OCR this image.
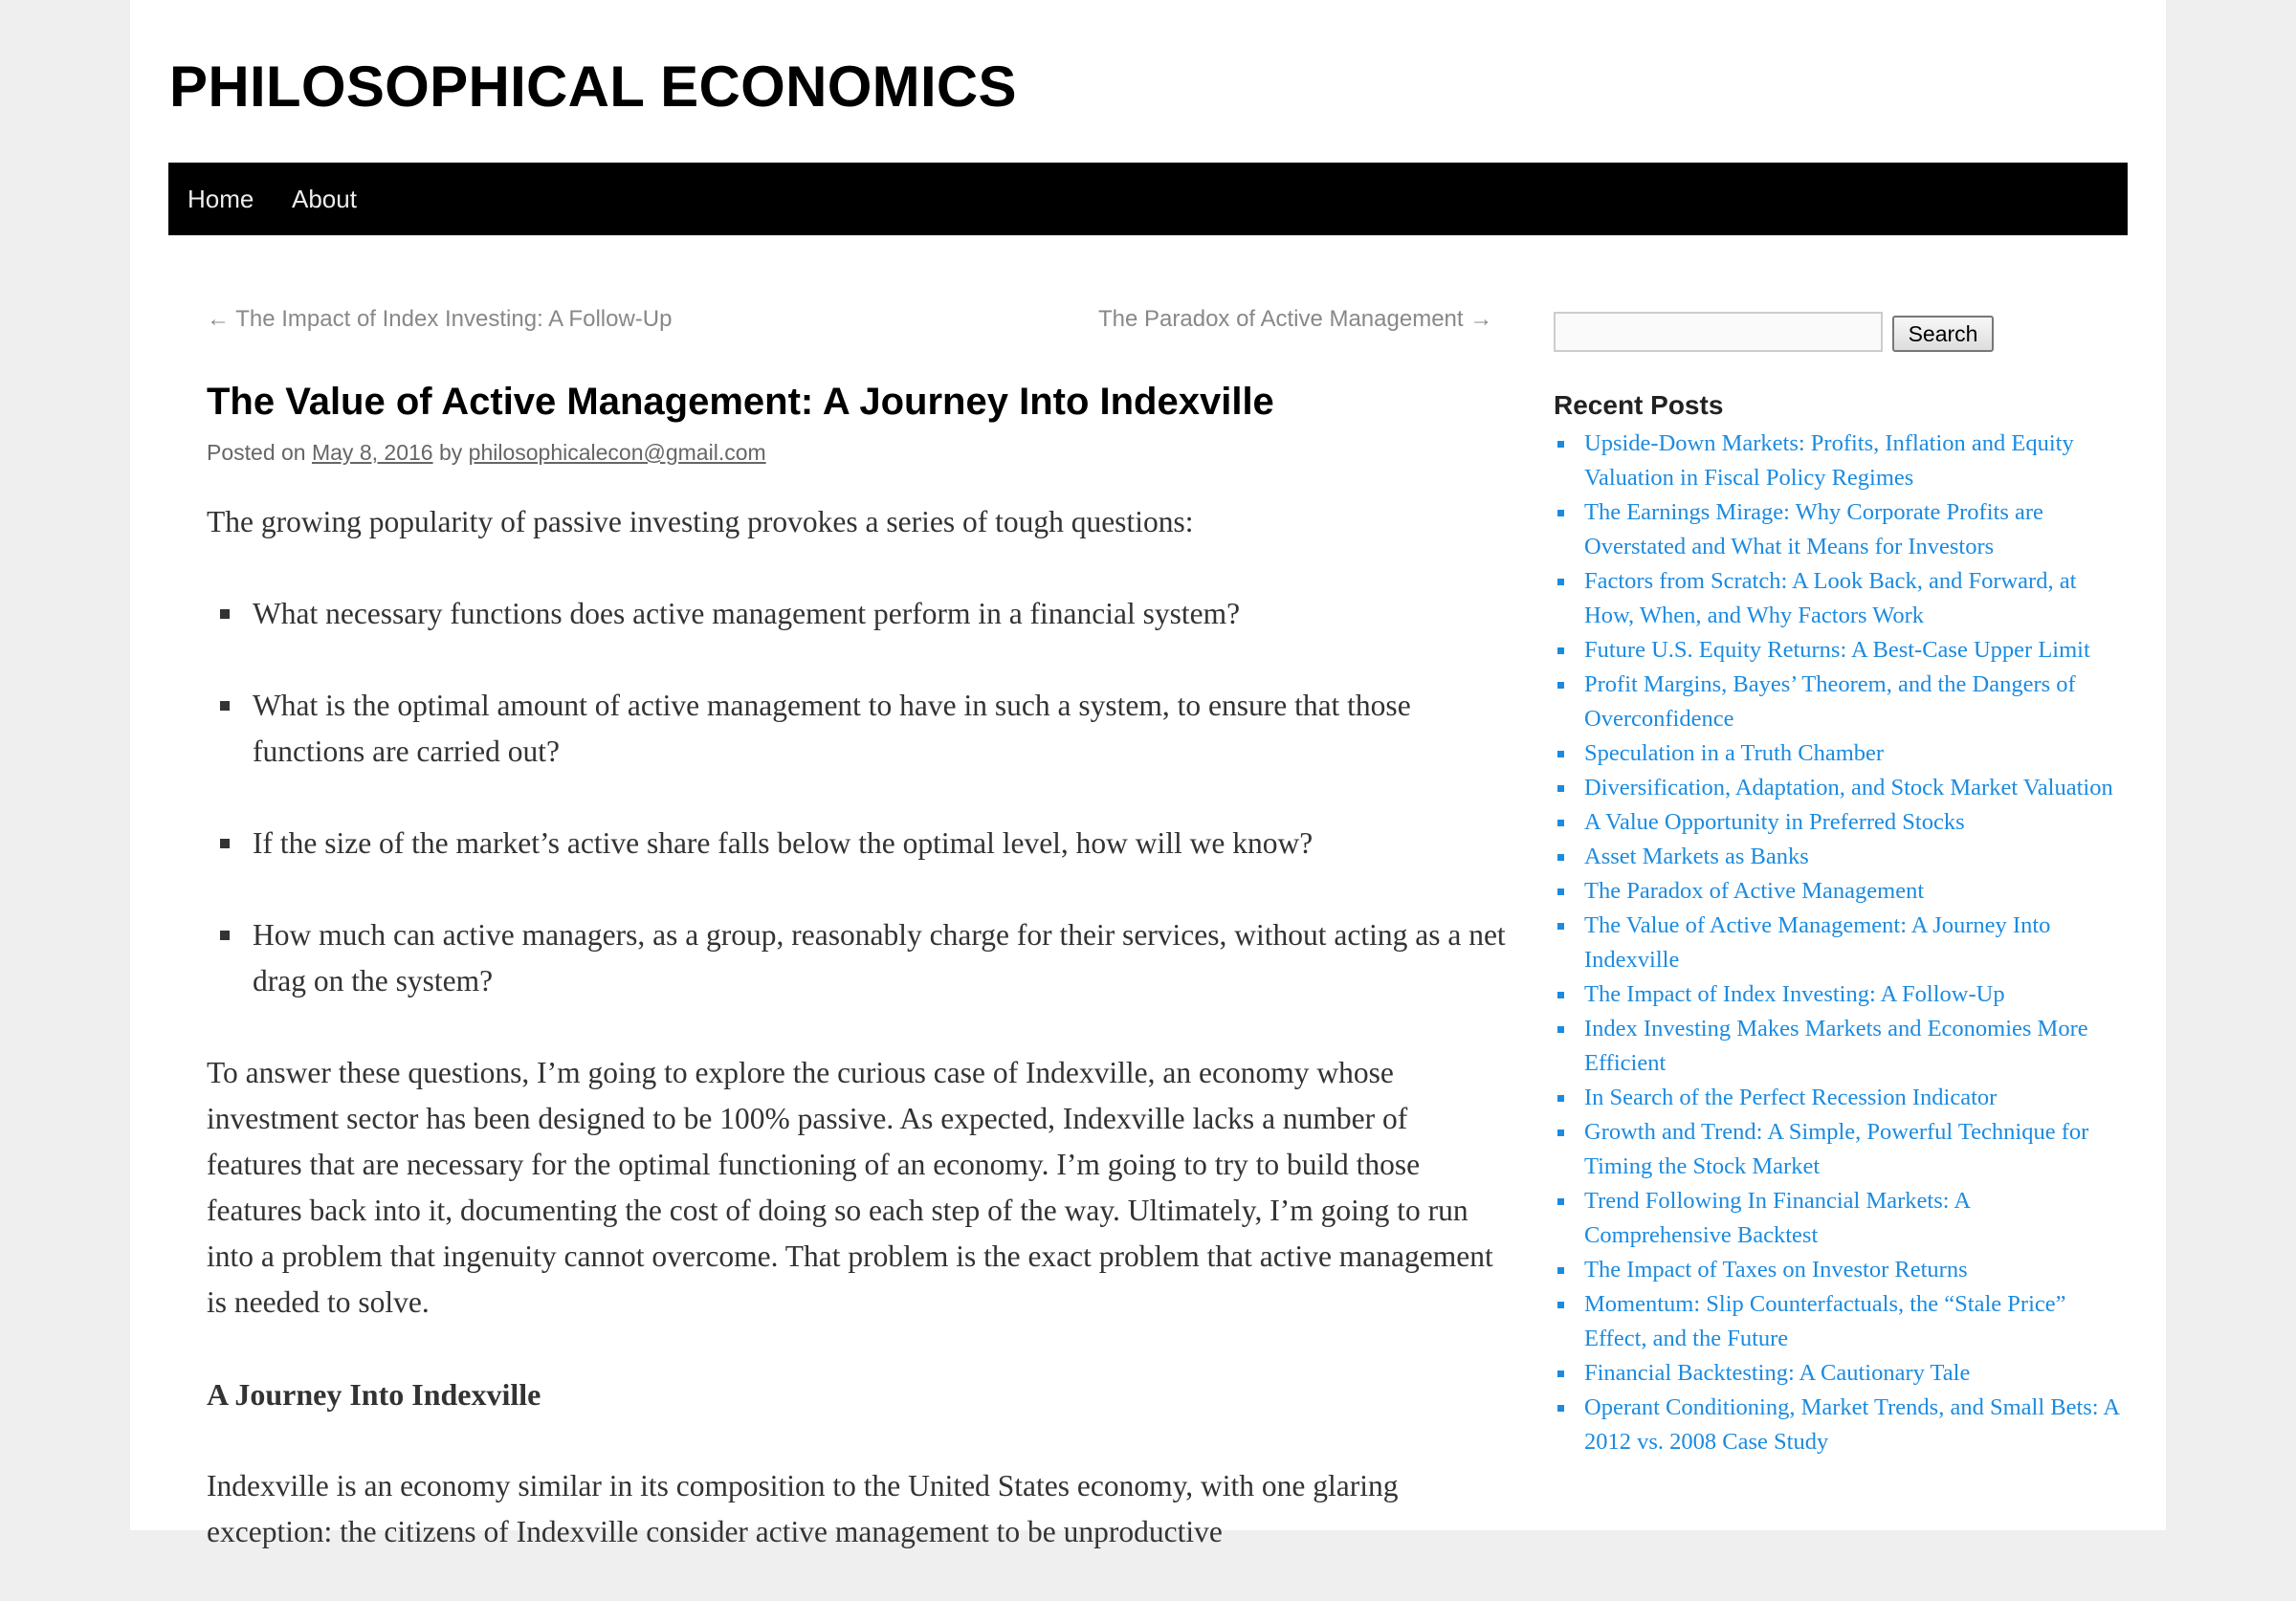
PHILOSOPHICAL ECONOMICS
Home About
← The Impact of Index Investing: A Follow-Up	The Paradox of Active Management →
The Value of Active Management: A Journey Into Indexville
Posted on May 8, 2016 by philosophicalecon@gmail.com

The growing popularity of passive investing provokes a series of tough questions:

What necessary functions does active management perform in a financial system?
What is the optimal amount of active management to have in such a system, to ensure that those functions are carried out?
If the size of the market’s active share falls below the optimal level, how will we know?
How much can active managers, as a group, reasonably charge for their services, without acting as a net drag on the system?

To answer these questions, I’m going to explore the curious case of Indexville, an economy whose investment sector has been designed to be 100% passive. As expected, Indexville lacks a number of features that are necessary for the optimal functioning of an economy. I’m going to try to build those features back into it, documenting the cost of doing so each step of the way. Ultimately, I’m going to run into a problem that ingenuity cannot overcome. That problem is the exact problem that active management is needed to solve.

A Journey Into Indexville

Indexville is an economy similar in its composition to the United States economy, with one glaring exception: the citizens of Indexville consider active management to be unproductive

Search
Recent Posts
Upside-Down Markets: Profits, Inflation and Equity Valuation in Fiscal Policy Regimes
The Earnings Mirage: Why Corporate Profits are Overstated and What it Means for Investors
Factors from Scratch: A Look Back, and Forward, at How, When, and Why Factors Work
Future U.S. Equity Returns: A Best-Case Upper Limit
Profit Margins, Bayes’ Theorem, and the Dangers of Overconfidence
Speculation in a Truth Chamber
Diversification, Adaptation, and Stock Market Valuation
A Value Opportunity in Preferred Stocks
Asset Markets as Banks
The Paradox of Active Management
The Value of Active Management: A Journey Into Indexville
The Impact of Index Investing: A Follow-Up
Index Investing Makes Markets and Economies More Efficient
In Search of the Perfect Recession Indicator
Growth and Trend: A Simple, Powerful Technique for Timing the Stock Market
Trend Following In Financial Markets: A Comprehensive Backtest
The Impact of Taxes on Investor Returns
Momentum: Slip Counterfactuals, the “Stale Price” Effect, and the Future
Financial Backtesting: A Cautionary Tale
Operant Conditioning, Market Trends, and Small Bets: A 2012 vs. 2008 Case Study
